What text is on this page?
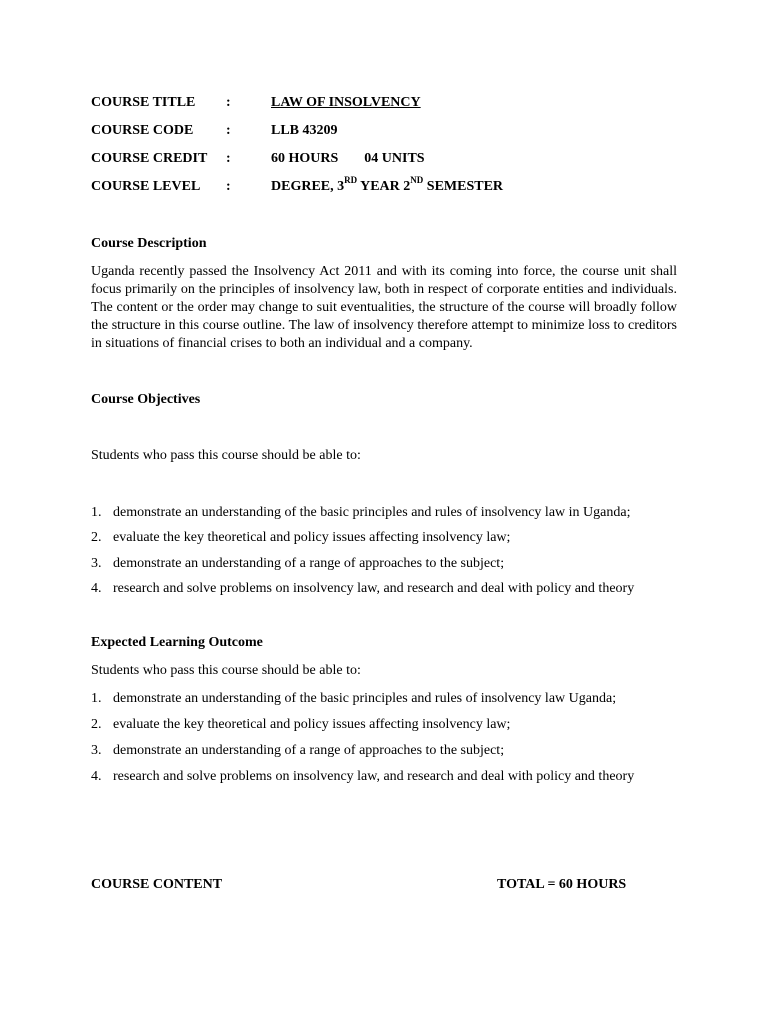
COURSE TITLE :	LAW OF INSOLVENCY
COURSE CODE :	LLB 43209
COURSE CREDIT :	60 HOURS 04 UNITS
COURSE LEVEL :	DEGREE, 3RD YEAR 2ND SEMESTER
Course Description
Uganda recently passed the Insolvency Act 2011 and with its coming into force, the course unit shall focus primarily on the principles of insolvency law, both in respect of corporate entities and individuals. The content or the order may change to suit eventualities, the structure of the course will broadly follow the structure in this course outline. The law of insolvency therefore attempt to minimize loss to creditors in situations of financial crises to both an individual and a company.
Course Objectives
Students who pass this course should be able to:
1. demonstrate an understanding of the basic principles and rules of insolvency law in Uganda;
2. evaluate the key theoretical and policy issues affecting insolvency law;
3. demonstrate an understanding of a range of approaches to the subject;
4. research and solve problems on insolvency law, and research and deal with policy and theory
Expected Learning Outcome
Students who pass this course should be able to:
1. demonstrate an understanding of the basic principles and rules of insolvency law Uganda;
2. evaluate the key theoretical and policy issues affecting insolvency law;
3. demonstrate an understanding of a range of approaches to the subject;
4. research and solve problems on insolvency law, and research and deal with policy and theory
COURSE CONTENT	TOTAL = 60 HOURS
